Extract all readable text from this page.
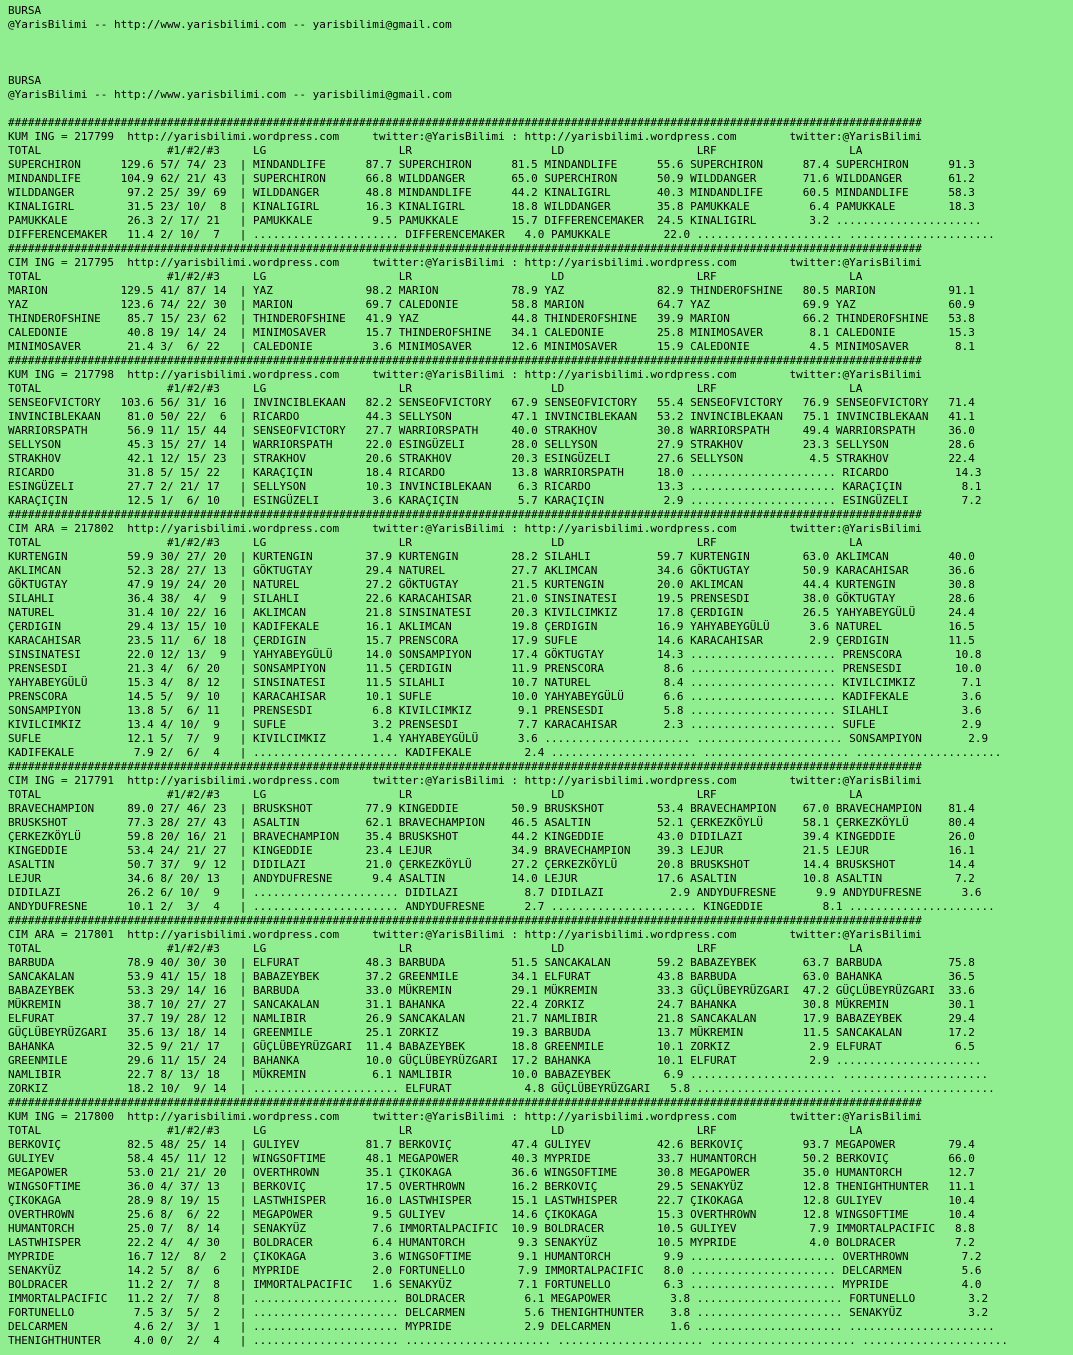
BURSA
@YarisBilimi -- http://www.yarisbilimi.com -- yarisbilimi@gmail.com

BURSA
@YarisBilimi -- http://www.yarisbilimi.com -- yarisbilimi@gmail.com

##########################################################################################################################################
KUM ING = 217799  http://yarisbilimi.wordpress.com     twitter:@YarisBilimi : http://yarisbilimi.wordpress.com        twitter:@YarisBilimi
TOTAL                   #1/#2/#3     LG                    LR                     LD                    LRF                    LA
SUPERCHIRON      129.6 57/ 74/ 23  | MINDANDLIFE      87.7 SUPERCHIRON      81.5 MINDANDLIFE      55.6 SUPERCHIRON      87.4 SUPERCHIRON      91.3
MINDANDLIFE      104.9 62/ 21/ 43  | SUPERCHIRON      66.8 WILDDANGER       65.0 SUPERCHIRON      50.9 WILDDANGER       71.6 WILDDANGER       61.2
WILDDANGER        97.2 25/ 39/ 69  | WILDDANGER       48.8 MINDANDLIFE      44.2 KINALIGIRL       40.3 MINDANDLIFE      60.5 MINDANDLIFE      58.3
KINALIGIRL        31.5 23/ 10/  8  | KINALIGIRL       16.3 KINALIGIRL       18.8 WILDDANGER       35.8 PAMUKKALE         6.4 PAMUKKALE        18.3
PAMUKKALE         26.3 2/ 17/ 21   | PAMUKKALE         9.5 PAMUKKALE        15.7 DIFFERENCEMAKER  24.5 KINALIGIRL        3.2 ......................
DIFFERENCEMAKER   11.4 2/ 10/  7   | ...................... DIFFERENCEMAKER   4.0 PAMUKKALE        22.0 ...................... ......................
##########################################################################################################################################
CIM ING = 217795  http://yarisbilimi.wordpress.com     twitter:@YarisBilimi : http://yarisbilimi.wordpress.com        twitter:@YarisBilimi
TOTAL                   #1/#2/#3     LG                    LR                     LD                    LRF                    LA
MARION           129.5 41/ 87/ 14  | YAZ              98.2 MARION           78.9 YAZ              82.9 THINDEROFSHINE   80.5 MARION           91.1
YAZ              123.6 74/ 22/ 30  | MARION           69.7 CALEDONIE        58.8 MARION           64.7 YAZ              69.9 YAZ              60.9
THINDEROFSHINE    85.7 15/ 23/ 62  | THINDEROFSHINE   41.9 YAZ              44.8 THINDEROFSHINE   39.9 MARION           66.2 THINDEROFSHINE   53.8
CALEDONIE         40.8 19/ 14/ 24  | MINIMOSAVER      15.7 THINDEROFSHINE   34.1 CALEDONIE        25.8 MINIMOSAVER       8.1 CALEDONIE        15.3
MINIMOSAVER       21.4 3/  6/ 22   | CALEDONIE         3.6 MINIMOSAVER      12.6 MINIMOSAVER      15.9 CALEDONIE         4.5 MINIMOSAVER       8.1
##########################################################################################################################################
KUM ING = 217798  http://yarisbilimi.wordpress.com     twitter:@YarisBilimi : http://yarisbilimi.wordpress.com        twitter:@YarisBilimi
TOTAL                   #1/#2/#3     LG                    LR                     LD                    LRF                    LA
SENSEOFVICTORY   103.6 56/ 31/ 16  | INVINCIBLEKAAN   82.2 SENSEOFVICTORY   67.9 SENSEOFVICTORY   55.4 SENSEOFVICTORY   76.9 SENSEOFVICTORY   71.4
INVINCIBLEKAAN    81.0 50/ 22/  6  | RICARDO          44.3 SELLYSON         47.1 INVINCIBLEKAAN   53.2 INVINCIBLEKAAN   75.1 INVINCIBLEKAAN   41.1
WARRIORSPATH      56.9 11/ 15/ 44  | SENSEOFVICTORY   27.7 WARRIORSPATH     40.0 STRAKHOV         30.8 WARRIORSPATH     49.4 WARRIORSPATH     36.0
SELLYSON          45.3 15/ 27/ 14  | WARRIORSPATH     22.0 ESINGÜZELI       28.0 SELLYSON         27.9 STRAKHOV         23.3 SELLYSON         28.6
STRAKHOV          42.1 12/ 15/ 23  | STRAKHOV         20.6 STRAKHOV         20.3 ESINGÜZELI       27.6 SELLYSON          4.5 STRAKHOV         22.4
RICARDO           31.8 5/ 15/ 22   | KARAÇIÇIN        18.4 RICARDO          13.8 WARRIORSPATH     18.0 ...................... RICARDO          14.3
ESINGÜZELI        27.7 2/ 21/ 17   | SELLYSON         10.3 INVINCIBLEKAAN    6.3 RICARDO          13.3 ...................... KARAÇIÇIN         8.1
KARAÇIÇIN         12.5 1/  6/ 10   | ESINGÜZELI        3.6 KARAÇIÇIN         5.7 KARAÇIÇIN         2.9 ...................... ESINGÜZELI        7.2
##########################################################################################################################################
CIM ARA = 217802  http://yarisbilimi.wordpress.com     twitter:@YarisBilimi : http://yarisbilimi.wordpress.com        twitter:@YarisBilimi
TOTAL                   #1/#2/#3     LG                    LR                     LD                    LRF                    LA
KURTENGIN         59.9 30/ 27/ 20  | KURTENGIN        37.9 KURTENGIN        28.2 SILAHLI          59.7 KURTENGIN        63.0 AKLIMCAN         40.0
AKLIMCAN          52.3 28/ 27/ 13  | GÖKTUGTAY        29.4 NATUREL          27.7 AKLIMCAN         34.6 GÖKTUGTAY        50.9 KARACAHISAR      36.6
GÖKTUGTAY         47.9 19/ 24/ 20  | NATUREL          27.2 GÖKTUGTAY        21.5 KURTENGIN        20.0 AKLIMCAN         44.4 KURTENGIN        30.8
SILAHLI           36.4 38/  4/  9  | SILAHLI          22.6 KARACAHISAR      21.0 SINSINATESI      19.5 PRENSESDI        38.0 GÖKTUGTAY        28.6
NATUREL           31.4 10/ 22/ 16  | AKLIMCAN         21.8 SINSINATESI      20.3 KIVILCIMKIZ      17.8 ÇERDIGIN         26.5 YAHYABEYGÜLÜ     24.4
ÇERDIGIN          29.4 13/ 15/ 10  | KADIFEKALE       16.1 AKLIMCAN         19.8 ÇERDIGIN         16.9 YAHYABEYGÜLÜ      3.6 NATUREL          16.5
KARACAHISAR       23.5 11/  6/ 18  | ÇERDIGIN         15.7 PRENSCORA        17.9 SUFLE            14.6 KARACAHISAR       2.9 ÇERDIGIN         11.5
SINSINATESI       22.0 12/ 13/  9  | YAHYABEYGÜLÜ     14.0 SONSAMPIYON      17.4 GÖKTUGTAY        14.3 ...................... PRENSCORA        10.8
PRENSESDI         21.3 4/  6/ 20   | SONSAMPIYON      11.5 ÇERDIGIN         11.9 PRENSCORA         8.6 ...................... PRENSESDI        10.0
YAHYABEYGÜLÜ      15.3 4/  8/ 12   | SINSINATESI      11.5 SILAHLI          10.7 NATUREL           8.4 ...................... KIVILCIMKIZ       7.1
PRENSCORA         14.5 5/  9/ 10   | KARACAHISAR      10.1 SUFLE            10.0 YAHYABEYGÜLÜ      6.6 ...................... KADIFEKALE        3.6
SONSAMPIYON       13.8 5/  6/ 11   | PRENSESDI         6.8 KIVILCIMKIZ       9.1 PRENSESDI         5.8 ...................... SILAHLI           3.6
KIVILCIMKIZ       13.4 4/ 10/  9   | SUFLE             3.2 PRENSESDI         7.7 KARACAHISAR       2.3 ...................... SUFLE             2.9
SUFLE             12.1 5/  7/  9   | KIVILCIMKIZ       1.4 YAHYABEYGÜLÜ      3.6 ...................... ...................... SONSAMPIYON       2.9
KADIFEKALE         7.9 2/  6/  4   | ...................... KADIFEKALE        2.4 ...................... ...................... ......................
##########################################################################################################################################
CIM ING = 217791  http://yarisbilimi.wordpress.com     twitter:@YarisBilimi : http://yarisbilimi.wordpress.com        twitter:@YarisBilimi
TOTAL                   #1/#2/#3     LG                    LR                     LD                    LRF                    LA
BRAVECHAMPION     89.0 27/ 46/ 23  | BRUSKSHOT        77.9 KINGEDDIE        50.9 BRUSKSHOT        53.4 BRAVECHAMPION    67.0 BRAVECHAMPION    81.4
BRUSKSHOT         77.3 28/ 27/ 43  | ASALTIN          62.1 BRAVECHAMPION    46.5 ASALTIN          52.1 ÇERKEZKÖYLÜ      58.1 ÇERKEZKÖYLÜ      80.4
ÇERKEZKÖYLÜ       59.8 20/ 16/ 21  | BRAVECHAMPION    35.4 BRUSKSHOT        44.2 KINGEDDIE        43.0 DIDILAZI         39.4 KINGEDDIE        26.0
KINGEDDIE         53.4 24/ 21/ 27  | KINGEDDIE        23.4 LEJUR            34.9 BRAVECHAMPION    39.3 LEJUR            21.5 LEJUR            16.1
ASALTIN           50.7 37/  9/ 12  | DIDILAZI         21.0 ÇERKEZKÖYLÜ      27.2 ÇERKEZKÖYLÜ      20.8 BRUSKSHOT        14.4 BRUSKSHOT        14.4
LEJUR             34.6 8/ 20/ 13   | ANDYDUFRESNE      9.4 ASALTIN          14.0 LEJUR            17.6 ASALTIN          10.8 ASALTIN           7.2
DIDILAZI          26.2 6/ 10/  9   | ...................... DIDILAZI          8.7 DIDILAZI          2.9 ANDYDUFRESNE      9.9 ANDYDUFRESNE      3.6
ANDYDUFRESNE      10.1 2/  3/  4   | ...................... ANDYDUFRESNE      2.7 ...................... KINGEDDIE         8.1 ......................
##########################################################################################################################################
CIM ARA = 217801  http://yarisbilimi.wordpress.com     twitter:@YarisBilimi : http://yarisbilimi.wordpress.com        twitter:@YarisBilimi
TOTAL                   #1/#2/#3     LG                    LR                     LD                    LRF                    LA
BARBUDA           78.9 40/ 30/ 30  | ELFURAT          48.3 BARBUDA          51.5 SANCAKALAN       59.2 BABAZEYBEK       63.7 BARBUDA          75.8
SANCAKALAN        53.9 41/ 15/ 18  | BABAZEYBEK       37.2 GREENMILE        34.1 ELFURAT          43.8 BARBUDA          63.0 BAHANKA          36.5
BABAZEYBEK        53.3 29/ 14/ 16  | BARBUDA          33.0 MÜKREMIN         29.1 MÜKREMIN         33.3 GÜÇLÜBEYRÜZGARI  47.2 GÜÇLÜBEYRÜZGARI  33.6
MÜKREMIN          38.7 10/ 27/ 27  | SANCAKALAN       31.1 BAHANKA          22.4 ZORKIZ           24.7 BAHANKA          30.8 MÜKREMIN         30.1
ELFURAT           37.7 19/ 28/ 12  | NAMLIBIR         26.9 SANCAKALAN       21.7 NAMLIBIR         21.8 SANCAKALAN       17.9 BABAZEYBEK       29.4
GÜÇLÜBEYRÜZGARI   35.6 13/ 18/ 14  | GREENMILE        25.1 ZORKIZ           19.3 BARBUDA          13.7 MÜKREMIN         11.5 SANCAKALAN       17.2
BAHANKA           32.5 9/ 21/ 17   | GÜÇLÜBEYRÜZGARI  11.4 BABAZEYBEK       18.8 GREENMILE        10.1 ZORKIZ            2.9 ELFURAT           6.5
GREENMILE         29.6 11/ 15/ 24  | BAHANKA          10.0 GÜÇLÜBEYRÜZGARI  17.2 BAHANKA          10.1 ELFURAT           2.9 ......................
NAMLIBIR          22.7 8/ 13/ 18   | MÜKREMIN          6.1 NAMLIBIR         10.0 BABAZEYBEK        6.9 ...................... ......................
ZORKIZ            18.2 10/  9/ 14  | ...................... ELFURAT           4.8 GÜÇLÜBEYRÜZGARI   5.8 ...................... ......................
##########################################################################################################################################
KUM ING = 217800  http://yarisbilimi.wordpress.com     twitter:@YarisBilimi : http://yarisbilimi.wordpress.com        twitter:@YarisBilimi
TOTAL                   #1/#2/#3     LG                    LR                     LD                    LRF                    LA
BERKOVIÇ          82.5 48/ 25/ 14  | GULIYEV          81.7 BERKOVIÇ         47.4 GULIYEV          42.6 BERKOVIÇ         93.7 MEGAPOWER        79.4
GULIYEV           58.4 45/ 11/ 12  | WINGSOFTIME      48.1 MEGAPOWER        40.3 MYPRIDE          33.7 HUMANTORCH       50.2 BERKOVIÇ         66.0
MEGAPOWER         53.0 21/ 21/ 20  | OVERTHROWN       35.1 ÇIKOKAGA         36.6 WINGSOFTIME      30.8 MEGAPOWER        35.0 HUMANTORCH       12.7
WINGSOFTIME       36.0 4/ 37/ 13   | BERKOVIÇ         17.5 OVERTHROWN       16.2 BERKOVIÇ         29.5 SENAKYÜZ         12.8 THENIGHTHUNTER   11.1
ÇIKOKAGA          28.9 8/ 19/ 15   | LASTWHISPER      16.0 LASTWHISPER      15.1 LASTWHISPER      22.7 ÇIKOKAGA         12.8 GULIYEV          10.4
OVERTHROWN        25.6 8/  6/ 22   | MEGAPOWER         9.5 GULIYEV          14.6 ÇIKOKAGA         15.3 OVERTHROWN       12.8 WINGSOFTIME      10.4
HUMANTORCH        25.0 7/  8/ 14   | SENAKYÜZ          7.6 IMMORTALPACIFIC  10.9 BOLDRACER        10.5 GULIYEV           7.9 IMMORTALPACIFIC   8.8
LASTWHISPER       22.2 4/  4/ 30   | BOLDRACER         6.4 HUMANTORCH        9.3 SENAKYÜZ         10.5 MYPRIDE           4.0 BOLDRACER         7.2
MYPRIDE           16.7 12/  8/  2  | ÇIKOKAGA          3.6 WINGSOFTIME       9.1 HUMANTORCH        9.9 ...................... OVERTHROWN        7.2
SENAKYÜZ          14.2 5/  8/  6   | MYPRIDE           2.0 FORTUNELLO        7.9 IMMORTALPACIFIC   8.0 ...................... DELCARMEN         5.6
BOLDRACER         11.2 2/  7/  8   | IMMORTALPACIFIC   1.6 SENAKYÜZ          7.1 FORTUNELLO        6.3 ...................... MYPRIDE           4.0
IMMORTALPACIFIC   11.2 2/  7/  8   | ...................... BOLDRACER         6.1 MEGAPOWER         3.8 ...................... FORTUNELLO        3.2
FORTUNELLO         7.5 3/  5/  2   | ...................... DELCARMEN         5.6 THENIGHTHUNTER    3.8 ...................... SENAKYÜZ          3.2
DELCARMEN          4.6 2/  3/  1   | ...................... MYPRIDE           2.9 DELCARMEN         1.6 ...................... ......................
THENIGHTHUNTER     4.0 0/  2/  4   | ...................... ...................... ...................... ...................... ......................
